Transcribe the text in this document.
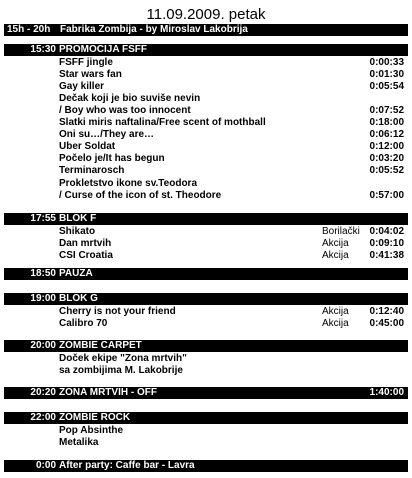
11.09.2009. petak
15h - 20h Fabrika Zombija - by Miroslav Lakobrija
15:30 PROMOCIJA FSFF
FSFF jingle	0:00:33
Star wars fan	0:01:30
Gay killer	0:05:54
Dečak koji je bio suviše nevin
/ Boy who was too innocent	0:07:52
Slatki miris naftalina/Free scent of mothball	0:18:00
Oni su…/They are…	0:06:12
Uber Soldat	0:12:00
Počelo je/It has begun	0:03:20
Terminarosch	0:05:52
Prokletstvo ikone sv.Teodora
/ Curse of the icon of st. Theodore	0:57:00
17:55 BLOK F
Shikato	Borilački 0:04:02
Dan mrtvih	Akcija 0:09:10
CSI Croatia	Akcija 0:41:38
18:50 PAUZA
19:00 BLOK G
Cherry is not your friend	Akcija 0:12:40
Calibro 70	Akcija 0:45:00
20:00 ZOMBIE CARPET
Doček ekipe "Zona mrtvih"
sa zombijima M. Lakobrije
20:20 ZONA MRTVIH - OFF	1:40:00
22:00 ZOMBIE ROCK
Pop Absinthe
Metalika
0:00 After party: Caffe bar - Lavra
